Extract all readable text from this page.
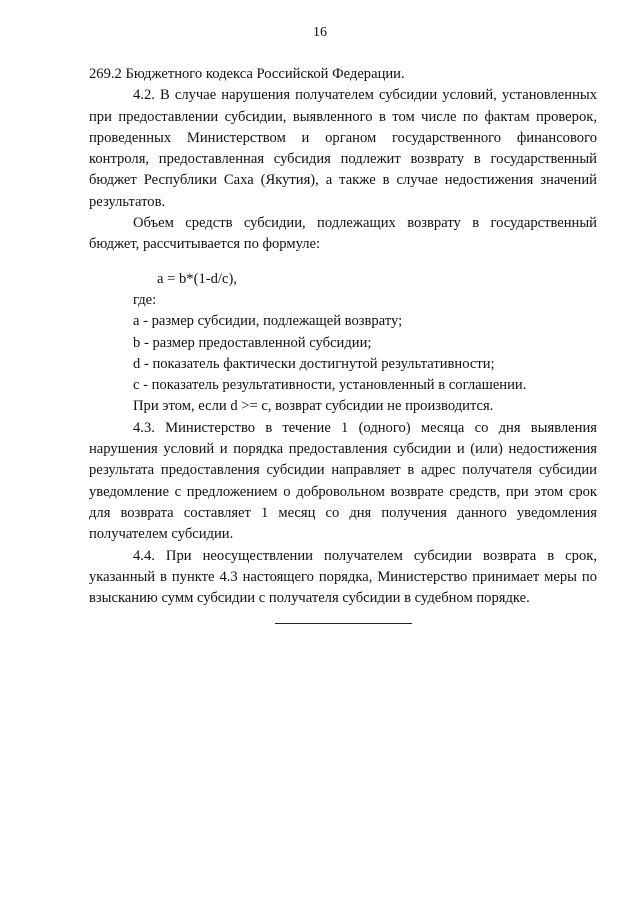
16

269.2 Бюджетного кодекса Российской Федерации.

4.2. В случае нарушения получателем субсидии условий, установленных при предоставлении субсидии, выявленного в том числе по фактам проверок, проведенных Министерством и органом государственного финансового контроля, предоставленная субсидия подлежит возврату в государственный бюджет Республики Саха (Якутия), а также в случае недостижения значений результатов.

Объем средств субсидии, подлежащих возврату в государственный бюджет, рассчитывается по формуле:

a = b*(1-d/c),

где:

a - размер субсидии, подлежащей возврату;

b - размер предоставленной субсидии;

d - показатель фактически достигнутой результативности;

c - показатель результативности, установленный в соглашении.

При этом, если d >= c, возврат субсидии не производится.

4.3. Министерство в течение 1 (одного) месяца со дня выявления нарушения условий и порядка предоставления субсидии и (или) недостижения результата предоставления субсидии направляет в адрес получателя субсидии уведомление с предложением о добровольном возврате средств, при этом срок для возврата составляет 1 месяц со дня получения данного уведомления получателем субсидии.

4.4. При неосуществлении получателем субсидии возврата в срок, указанный в пункте 4.3 настоящего порядка, Министерство принимает меры по взысканию сумм субсидии с получателя субсидии в судебном порядке.
